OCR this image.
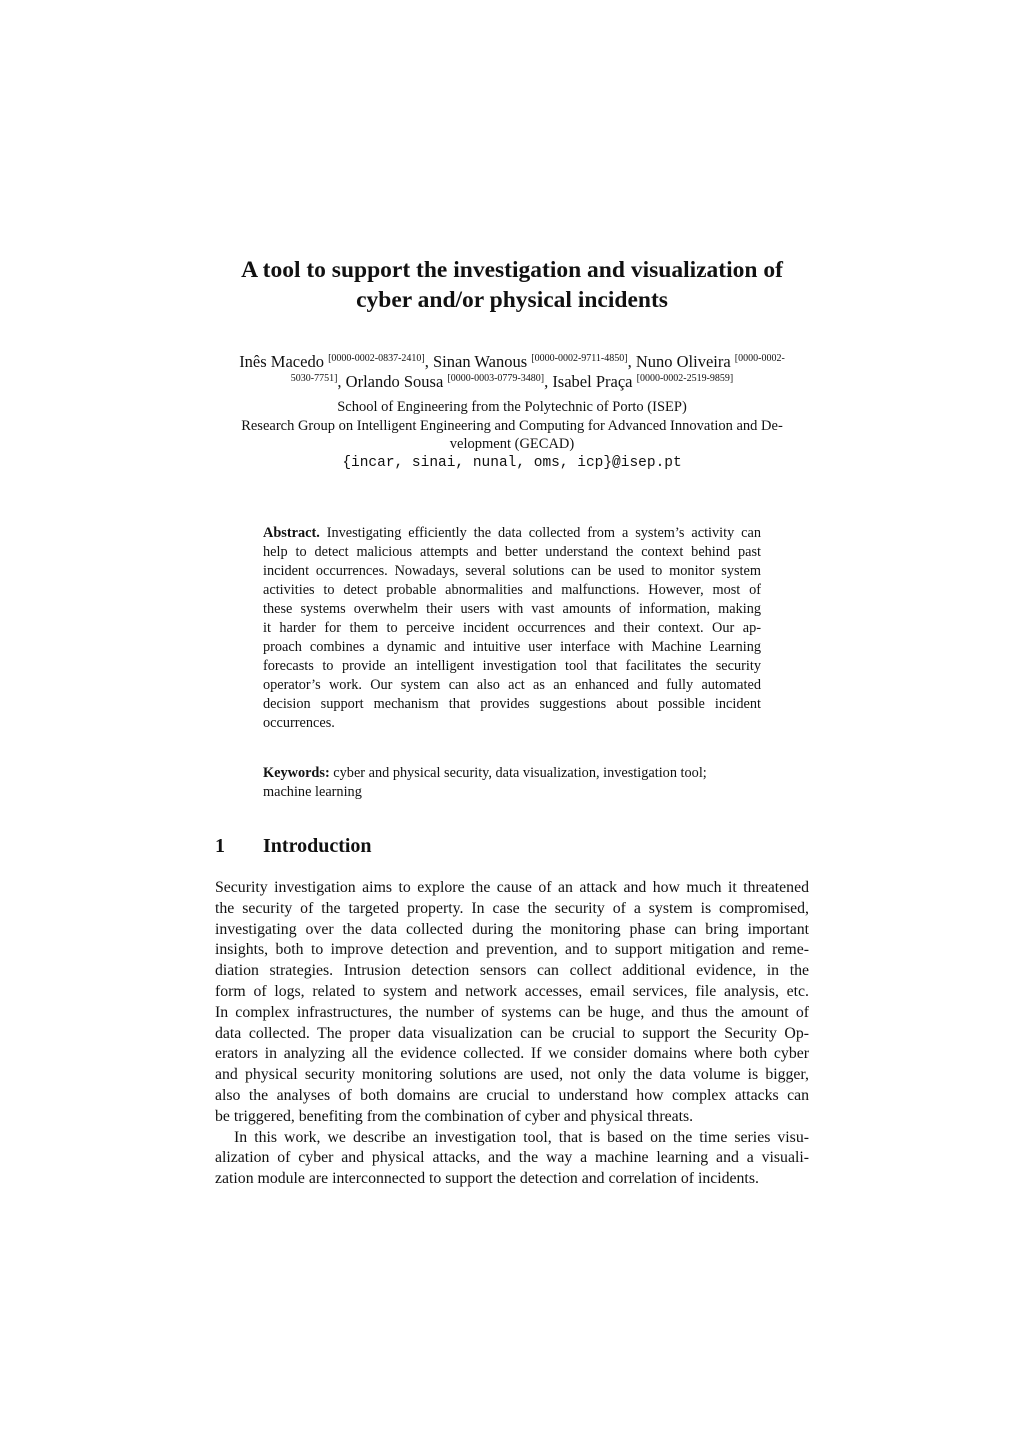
A tool to support the investigation and visualization of
cyber and/or physical incidents
Inês Macedo [0000-0002-0837-2410], Sinan Wanous [0000-0002-9711-4850], Nuno Oliveira $^{[0000-0002-}$
$^{5030-7751]}$, Orlando Sousa [0000-0003-0779-3480], Isabel Praça [0000-0002-2519-9859]
School of Engineering from the Polytechnic of Porto (ISEP)
Research Group on Intelligent Engineering and Computing for Advanced Innovation and De-
velopment (GECAD)
{incar, sinai, nunal, oms, icp}@isep.pt
Abstract. Investigating efficiently the data collected from a system’s activity can
help to detect malicious attempts and better understand the context behind past
incident occurrences. Nowadays, several solutions can be used to monitor system
activities to detect probable abnormalities and malfunctions. However, most of
these systems overwhelm their users with vast amounts of information, making
it harder for them to perceive incident occurrences and their context. Our ap-
proach combines a dynamic and intuitive user interface with Machine Learning
forecasts to provide an intelligent investigation tool that facilitates the security
operator’s work. Our system can also act as an enhanced and fully automated
decision support mechanism that provides suggestions about possible incident
occurrences.
Keywords: cyber and physical security, data visualization, investigation tool;
machine learning
1 Introduction
Security investigation aims to explore the cause of an attack and how much it threatened
the security of the targeted property. In case the security of a system is compromised,
investigating over the data collected during the monitoring phase can bring important
insights, both to improve detection and prevention, and to support mitigation and reme-
diation strategies. Intrusion detection sensors can collect additional evidence, in the
form of logs, related to system and network accesses, email services, file analysis, etc.
In complex infrastructures, the number of systems can be huge, and thus the amount of
data collected. The proper data visualization can be crucial to support the Security Op-
erators in analyzing all the evidence collected. If we consider domains where both cyber
and physical security monitoring solutions are used, not only the data volume is bigger,
also the analyses of both domains are crucial to understand how complex attacks can
be triggered, benefiting from the combination of cyber and physical threats.
In this work, we describe an investigation tool, that is based on the time series visu-
alization of cyber and physical attacks, and the way a machine learning and a visuali-
zation module are interconnected to support the detection and correlation of incidents.
